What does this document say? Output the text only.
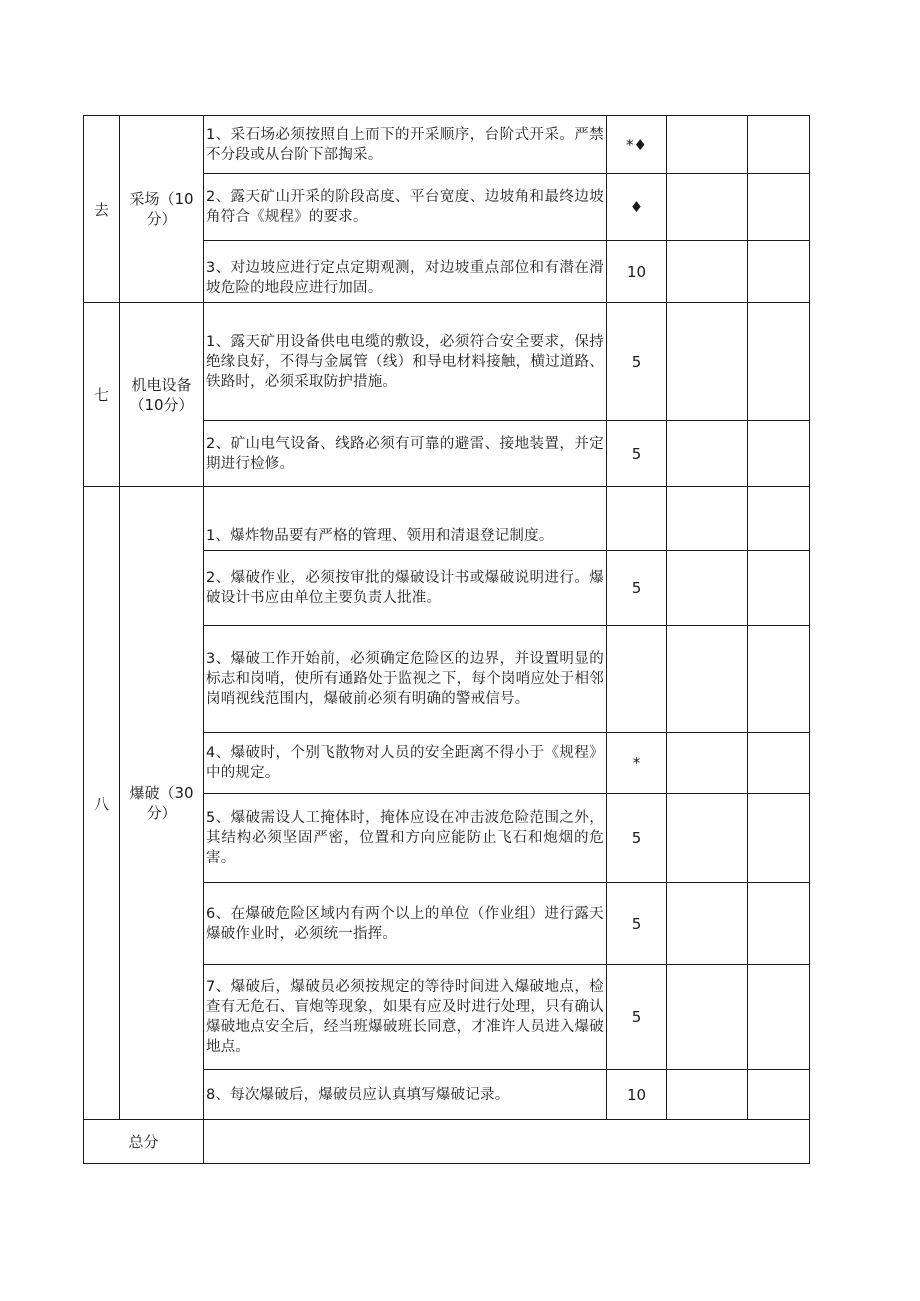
去	采场（10分）	1、采石场必须按照自上而下的开采顺序，台阶式开采。严禁不分段或从台阶下部掏采。	*♦		
		2、露天矿山开采的阶段高度、平台宽度、边坡角和最终边坡角符合《规程》的要求。	♦		
		3、对边坡应进行定点定期观测，对边坡重点部位和有潜在滑坡危险的地段应进行加固。	10		
七	机电设备（10分）	1、露天矿用设备供电电缆的敷设，必须符合安全要求，保持绝缘良好，不得与金属管（线）和导电材料接触，横过道路、铁路时，必须采取防护措施。	5		
		2、矿山电气设备、线路必须有可靠的避雷、接地装置，并定期进行检修。	5		
八	爆破（30分）	1、爆炸物品要有严格的管理、领用和清退登记制度。			
		2、爆破作业，必须按审批的爆破设计书或爆破说明进行。爆破设计书应由单位主要负责人批准。	5		
		3、爆破工作开始前，必须确定危险区的边界，并设置明显的标志和岗哨，使所有通路处于监视之下，每个岗哨应处于相邻岗哨视线范围内，爆破前必须有明确的警戒信号。			
		4、爆破时，个别飞散物对人员的安全距离不得小于《规程》中的规定。	*		
		5、爆破需设人工掩体时，掩体应设在冲击波危险范围之外，其结构必须坚固严密，位置和方向应能防止飞石和炮烟的危害。	5		
		6、在爆破危险区域内有两个以上的单位（作业组）进行露天爆破作业时，必须统一指挥。	5		
		7、爆破后，爆破员必须按规定的等待时间进入爆破地点，检查有无危石、盲炮等现象，如果有应及时进行处理，只有确认爆破地点安全后，经当班爆破班长同意，才准许人员进入爆破地点。	5		
		8、每次爆破后，爆破员应认真填写爆破记录。	10		
总分					
